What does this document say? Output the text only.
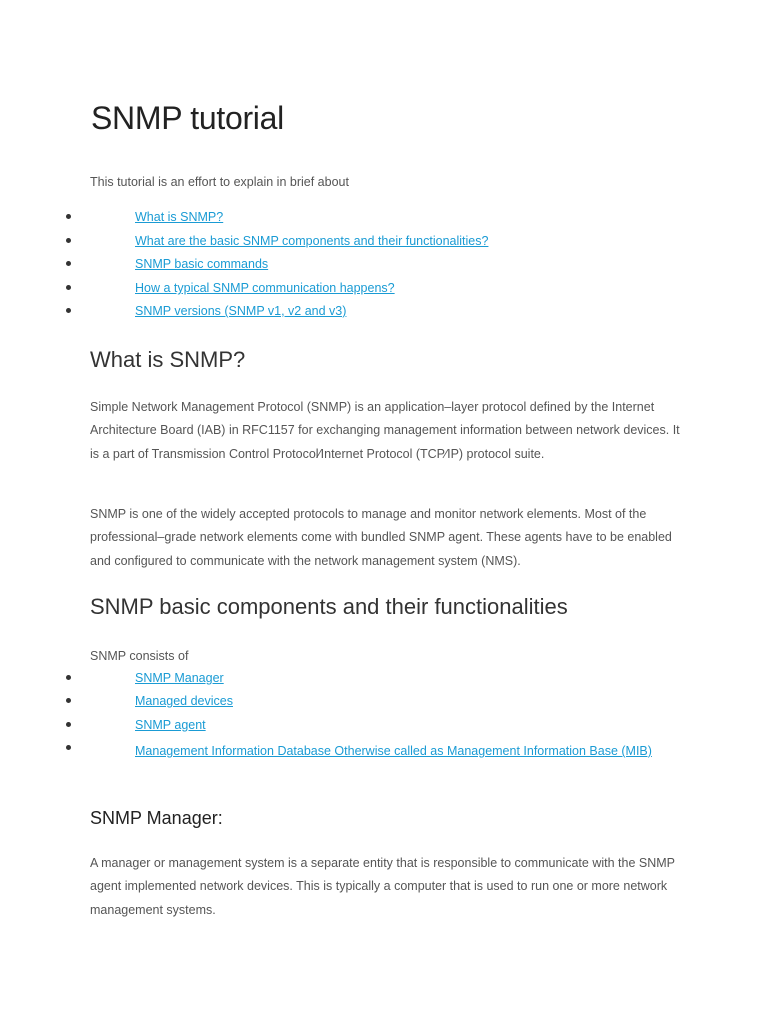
SNMP tutorial

This tutorial is an effort to explain in brief about

What is SNMP?
What are the basic SNMP components and their functionalities?
SNMP basic commands
How a typical SNMP communication happens?
SNMP versions (SNMP v1, v2 and v3)
What is SNMP?

Simple Network Management Protocol (SNMP) is an application–layer protocol defined by the Internet Architecture Board (IAB) in RFC1157 for exchanging management information between network devices. It is a part of Transmission Control Protocol⁄Internet Protocol (TCP⁄IP) protocol suite.

SNMP is one of the widely accepted protocols to manage and monitor network elements. Most of the professional–grade network elements come with bundled SNMP agent. These agents have to be enabled and configured to communicate with the network management system (NMS).

SNMP basic components and their functionalities

SNMP consists of

SNMP Manager
Managed devices
SNMP agent
Management Information Database Otherwise called as Management Information Base (MIB)
SNMP Manager:

A manager or management system is a separate entity that is responsible to communicate with the SNMP agent implemented network devices. This is typically a computer that is used to run one or more network management systems.
